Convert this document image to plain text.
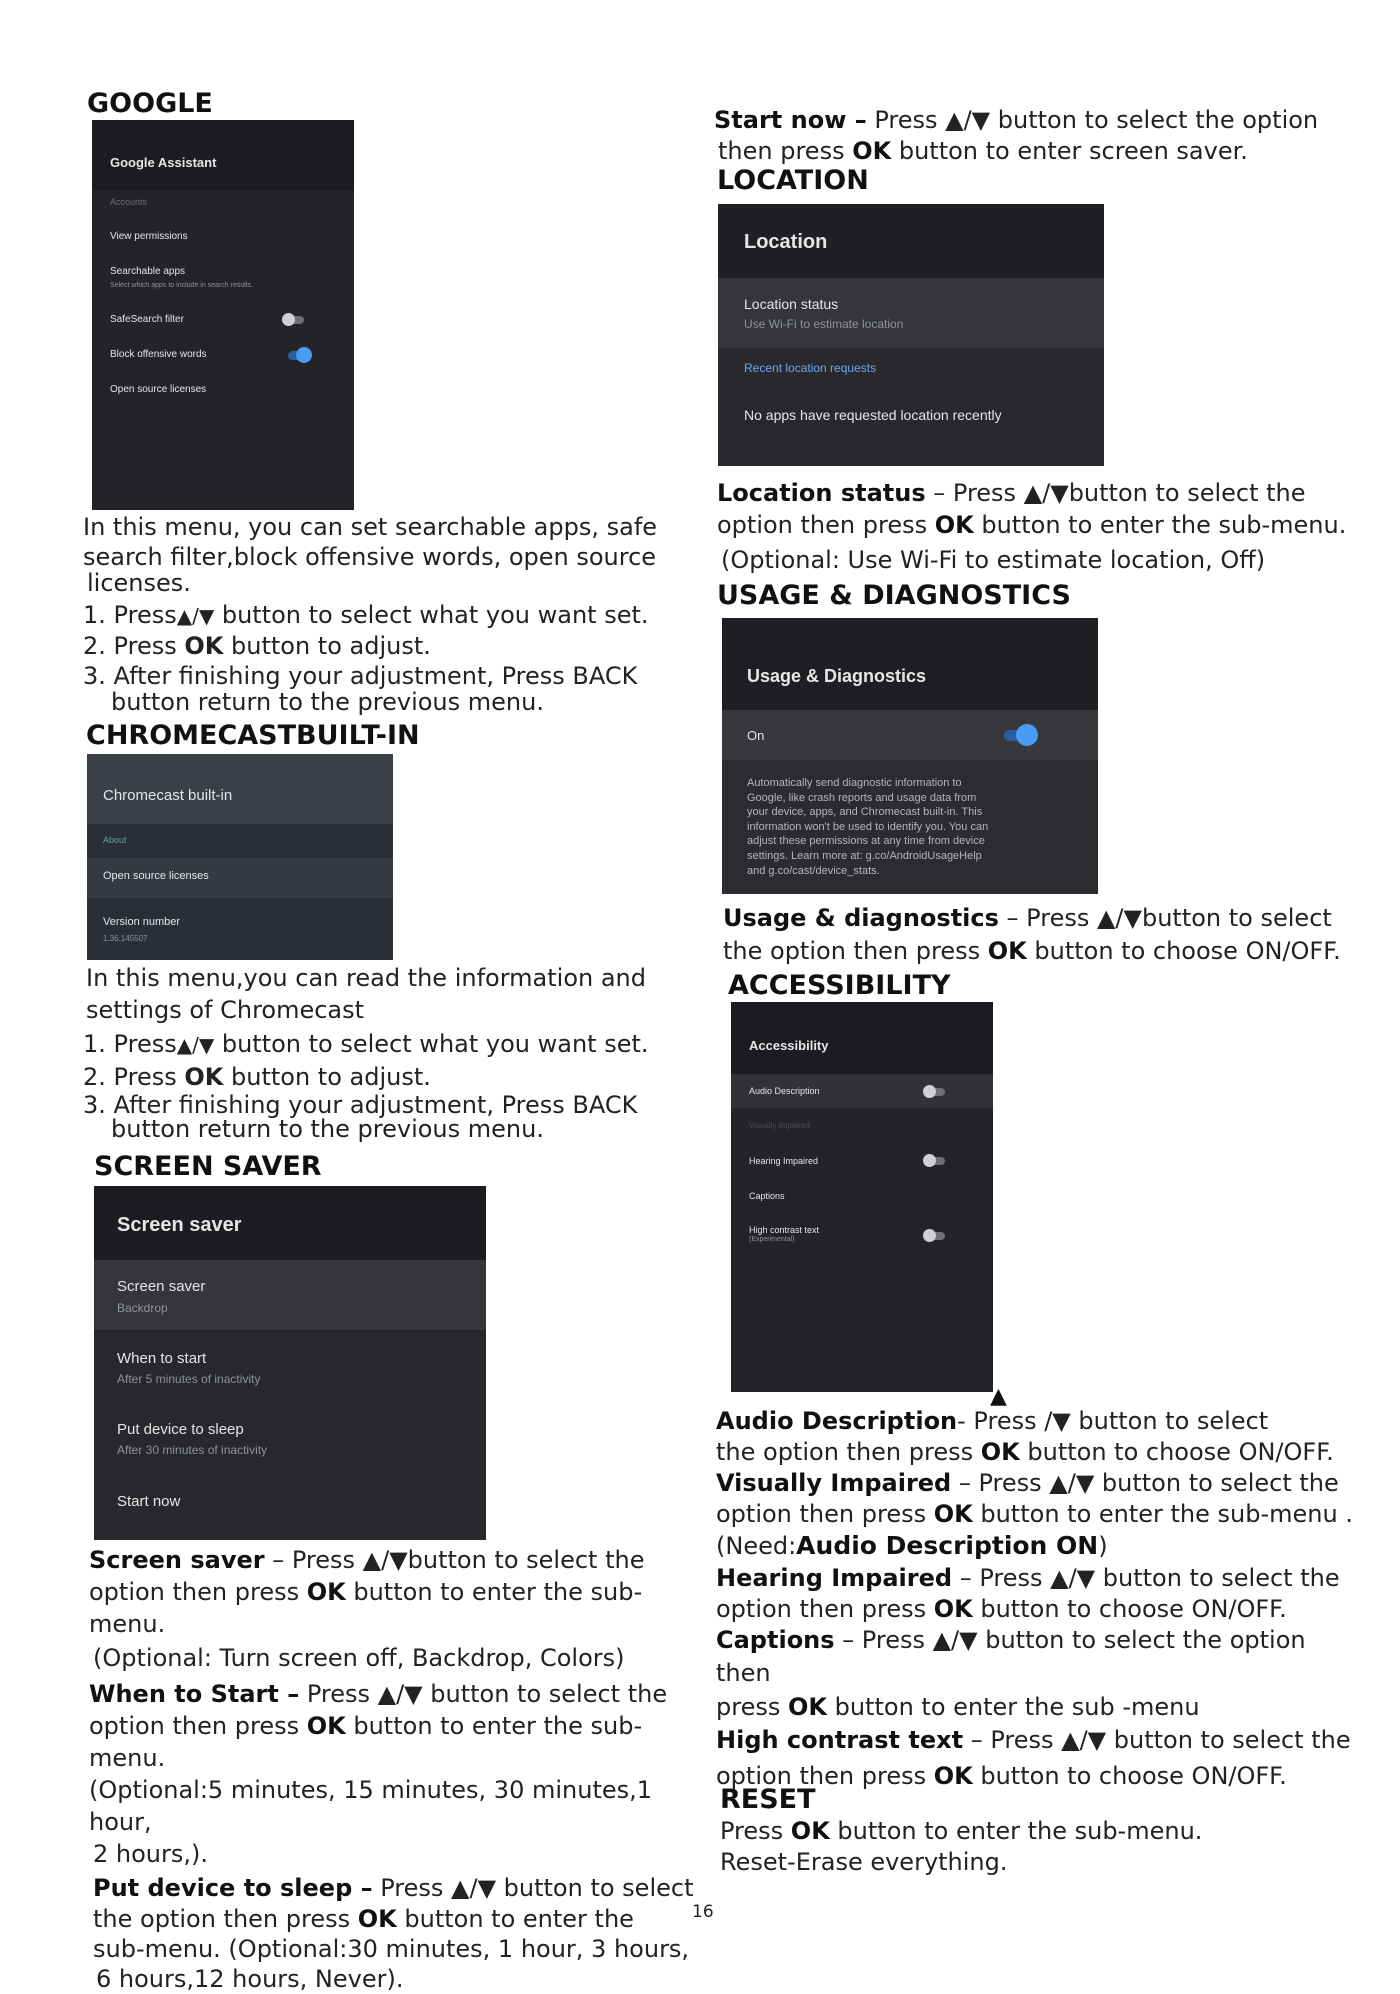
GOOGLE
Google Assistant
Accounts
View permissions
Searchable apps
Select which apps to include in search results.
SafeSearch filter
Block offensive words
Open source licenses

In this menu, you can set searchable apps, safe

search filter,block offensive words, open source

licenses.

1. Press▲/▼ button to select what you want set.
2. Press OK button to adjust.
3. After finishing your adjustment, Press BACK
button return to the previous menu.
CHROMECASTBUILT-IN
Chromecast built-in
About
Open source licenses
Version number
1.36.145507

In this menu,you can read the information and

settings of Chromecast

1. Press▲/▼ button to select what you want set.
2. Press OK button to adjust.
3. After finishing your adjustment, Press BACK
button return to the previous menu.
SCREEN SAVER
Screen saver
Screen saver
Backdrop
When to start
After 5 minutes of inactivity
Put device to sleep
After 30 minutes of inactivity
Start now

Screen saver – Press ▲/▼button to select the

option then press OK button to enter the sub-menu.

(Optional: Turn screen off, Backdrop, Colors)

When to Start – Press ▲/▼ button to select the

option then press OK button to enter the sub-menu.

(Optional:5 minutes, 15 minutes, 30 minutes,1 hour,

2 hours,).

Put device to sleep – Press ▲/▼ button to select

the option then press OK button to enter the

sub-menu. (Optional:30 minutes, 1 hour, 3 hours,

6 hours,12 hours, Never).

Start now – Press ▲/▼ button to select the option

then press OK button to enter screen saver.

LOCATION
Location
Location status
Use Wi-Fi to estimate location
Recent location requests
No apps have requested location recently

Location status – Press ▲/▼button to select the

option then press OK button to enter the sub-menu.

(Optional: Use Wi-Fi to estimate location, Off)

USAGE & DIAGNOSTICS
Usage & Diagnostics
On
Automatically send diagnostic information to
Google, like crash reports and usage data from
your device, apps, and Chromecast built-in. This
information won't be used to identify you. You can
adjust these permissions at any time from device
settings. Learn more at: g.co/AndroidUsageHelp
and g.co/cast/device_stats.

Usage & diagnostics – Press ▲/▼button to select

the option then press OK button to choose ON/OFF.

ACCESSIBILITY
Accessibility
Audio Description
Visually Impaired
Hearing Impaired
Captions
High contrast text
(Experimental)
▲

Audio Description- Press /▼ button to select

the option then press OK button to choose ON/OFF.

Visually Impaired – Press ▲/▼ button to select the

option then press OK button to enter the sub-menu .

(Need:Audio Description ON)

Hearing Impaired – Press ▲/▼ button to select the

option then press OK button to choose ON/OFF.

Captions – Press ▲/▼ button to select the option then

press OK button to enter the sub -menu

High contrast text – Press ▲/▼ button to select the

option then press OK button to choose ON/OFF.

RESET

Press OK button to enter the sub-menu.

Reset-Erase everything.

16
